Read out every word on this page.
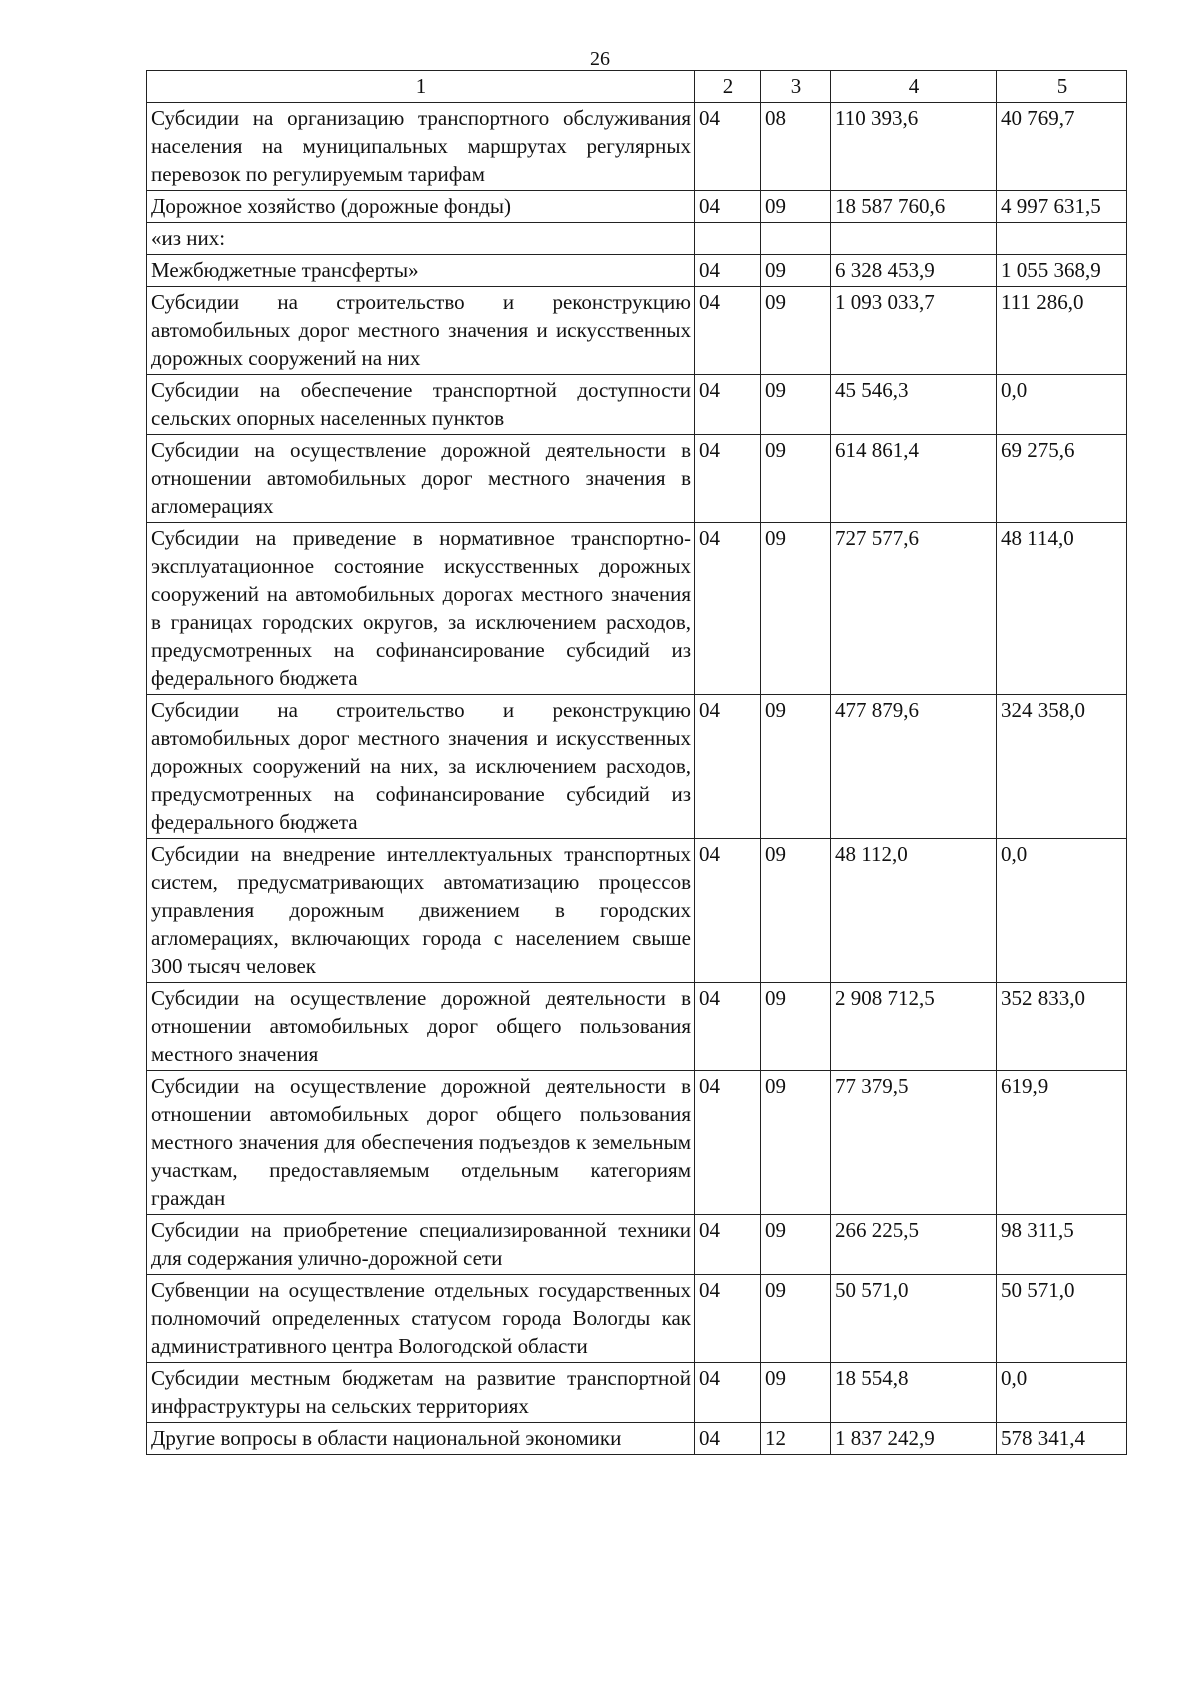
26
1	2	3	4	5
Субсидии на организацию транспортного обслуживания населения на муниципальных маршрутах регулярных перевозок по регулируемым тарифам	04	08	110 393,6	40 769,7
Дорожное хозяйство (дорожные фонды)	04	09	18 587 760,6	4 997 631,5
«из них:				
Межбюджетные трансферты»	04	09	6 328 453,9	1 055 368,9
Субсидии на строительство и реконструкцию автомобильных дорог местного значения и искусственных дорожных сооружений на них	04	09	1 093 033,7	111 286,0
Субсидии на обеспечение транспортной доступности сельских опорных населенных пунктов	04	09	45 546,3	0,0
Субсидии на осуществление дорожной деятельности в отношении автомобильных дорог местного значения в агломерациях	04	09	614 861,4	69 275,6
Субсидии на приведение в нормативное транспортно-эксплуатационное состояние искусственных дорожных сооружений на автомобильных дорогах местного значения в границах городских округов, за исключением расходов, предусмотренных на софинансирование субсидий из федерального бюджета	04	09	727 577,6	48 114,0
Субсидии на строительство и реконструкцию автомобильных дорог местного значения и искусственных дорожных сооружений на них, за исключением расходов, предусмотренных на софинансирование субсидий из федерального бюджета	04	09	477 879,6	324 358,0
Субсидии на внедрение интеллектуальных транспортных систем, предусматривающих автоматизацию процессов управления дорожным движением в городских агломерациях, включающих города с населением свыше 300 тысяч человек	04	09	48 112,0	0,0
Субсидии на осуществление дорожной деятельности в отношении автомобильных дорог общего пользования местного значения	04	09	2 908 712,5	352 833,0
Субсидии на осуществление дорожной деятельности в отношении автомобильных дорог общего пользования местного значения для обеспечения подъездов к земельным участкам, предоставляемым отдельным категориям граждан	04	09	77 379,5	619,9
Субсидии на приобретение специализированной техники для содержания улично-дорожной сети	04	09	266 225,5	98 311,5
Субвенции на осуществление отдельных государственных полномочий определенных статусом города Вологды как административного центра Вологодской области	04	09	50 571,0	50 571,0
Субсидии местным бюджетам на развитие транспортной инфраструктуры на сельских территориях	04	09	18 554,8	0,0
Другие вопросы в области национальной экономики	04	12	1 837 242,9	578 341,4
